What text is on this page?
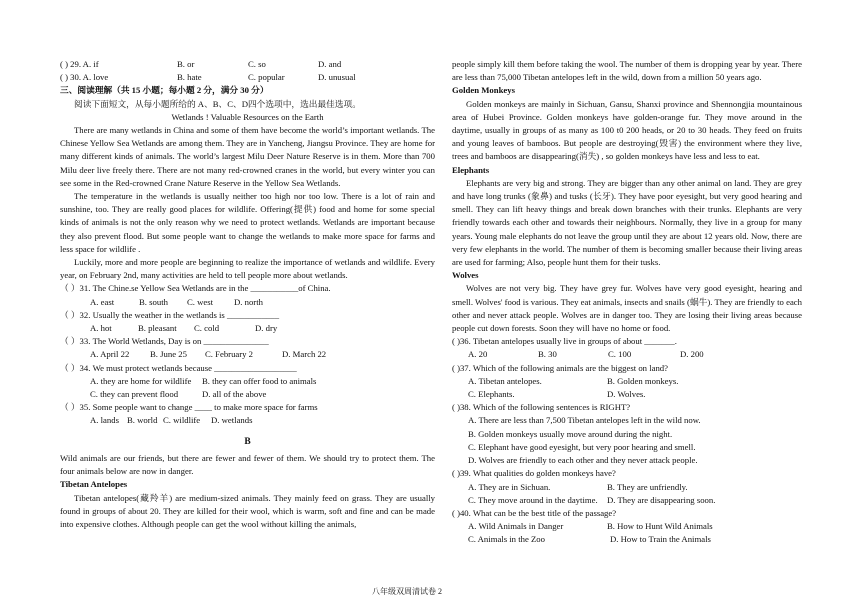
( ) 29. A. if	B. or	C. so	D. and
( ) 30. A. love	B. hate	C. popular	D. unusual

三、阅读理解（共 15 小题；每小题 2 分，满分 30 分）

阅读下面短文，从每小题所给的 A、B、C、D四个选项中，选出最佳选项。

Wetlands ! Valuable Resources on the Earth

There are many wetlands in China and some of them have become the world’s important wetlands. The Chinese Yellow Sea Wetlands are among them. They are in Yancheng, Jiangsu Province. They are home for many different kinds of animals. The world’s largest Milu Deer Nature Reserve is in them. More than 700 Milu deer live freely there. There are not many red-crowned cranes in the world, but every winter you can see some in the Red-crowned Crane Nature Reserve in the Yellow Sea Wetlands.

The temperature in the wetlands is usually neither too high nor too low. There is a lot of rain and sunshine, too. They are really good places for wildlife. Offering(提供) food and home for some special kinds of animals is not the only reason why we need to protect wetlands. Wetlands are important because they also prevent flood. But some people want to change the wetlands to make more space for farms and less space for wildlife .

Luckily, more and more people are beginning to realize the importance of wetlands and wildlife. Every year, on February 2nd, many activities are held to tell people more about wetlands.

（ ）31. The Chine.se Yellow Sea Wetlands are in the ___________of China.

A. east	B. south	C. west	D. north

（ ）32. Usually the weather in the wetlands is ____________

A. hot	B. pleasant	C. cold	D. dry

（ ）33. The World Wetlands, Day is on _______________

A. April 22	B. June 25	C. February 2	D. March 22

（ ）34. We must protect wetlands because ___________________

A. they are home for wildlife	B. they can offer food to animals
C. they can prevent flood	D. all of the above

（ ）35. Some people want to change ____ to make more space for farms

A. lands B. world C. wildlife	D. wetlands

B

Wild animals are our friends, but there are fewer and fewer of them. We should try to protect them. The four animals below are now in danger.

Tibetan Antelopes

Tibetan antelopes(藏羚羊) are medium-sized animals. They mainly feed on grass. They are usually found in groups of about 20. They are killed for their wool, which is warm, soft and fine and can be made into expensive clothes. Although people can get the wool without killing the animals,

people simply kill them before taking the wool. The number of them is dropping year by year. There are less than 75,000 Tibetan antelopes left in the wild, down from a million 50 years ago.

Golden Monkeys

Golden monkeys are mainly in Sichuan, Gansu, Shanxi province and Shennongjia mountainous area of Hubei Province. Golden monkeys have golden-orange fur. They move around in the daytime, usually in groups of as many as 100 t0 200 heads, or 20 to 30 heads. They feed on fruits and young leaves of bamboos. But people are destroying(毁害) the environment where they live, trees and bamboos are disappearing(消失) , so golden monkeys have less and less to eat.

Elephants

Elephants are very big and strong. They are bigger than any other animal on land. They are grey and have long trunks (象鼻) and tusks (长牙). They have poor eyesight, but very good hearing and smell. They can lift heavy things and break down branches with their trunks. Elephants are very friendly towards each other and towards their neighbours. Normally, they live in a group for many years. Young male elephants do not leave the group until they are about 12 years old. Now, there are very few elephants in the world. The number of them is becoming smaller because their living areas are used for farming; Also, people hunt them for their tusks.

Wolves

Wolves are not very big. They have grey fur. Wolves have very good eyesight, hearing and smell. Wolves' food is various. They eat animals, insects and snails (蜗牛). They are friendly to each other and never attack people. Wolves are in danger too. They are losing their living areas because people cut down forests. Soon they will have no home or food.

( )36. Tibetan antelopes usually live in groups of about _______.

A. 20	B. 30	C. 100	D. 200

( )37. Which of the following animals are the biggest on land?

A. Tibetan antelopes.	B. Golden monkeys.
C. Elephants.	D. Wolves.

( )38. Which of the following sentences is RIGHT?

A. There are less than 7,500 Tibetan antelopes left in the wild now.

B. Golden monkeys usually move around during the night.

C. Elephant have good eyesight, but very poor hearing and smell.

D. Wolves are friendly to each other and they never attack people.

( )39. What qualities do golden monkeys have?

A. They are in Sichuan.	B. They are unfriendly.
C. They move around in the daytime.	D. They are disappearing soon.

( )40. What can be the best title of the passage?

A. Wild Animals in Danger	B. How to Hunt Wild Animals
C. Animals in the Zoo	D. How to Train the Animals
八年级双周清试卷 2
